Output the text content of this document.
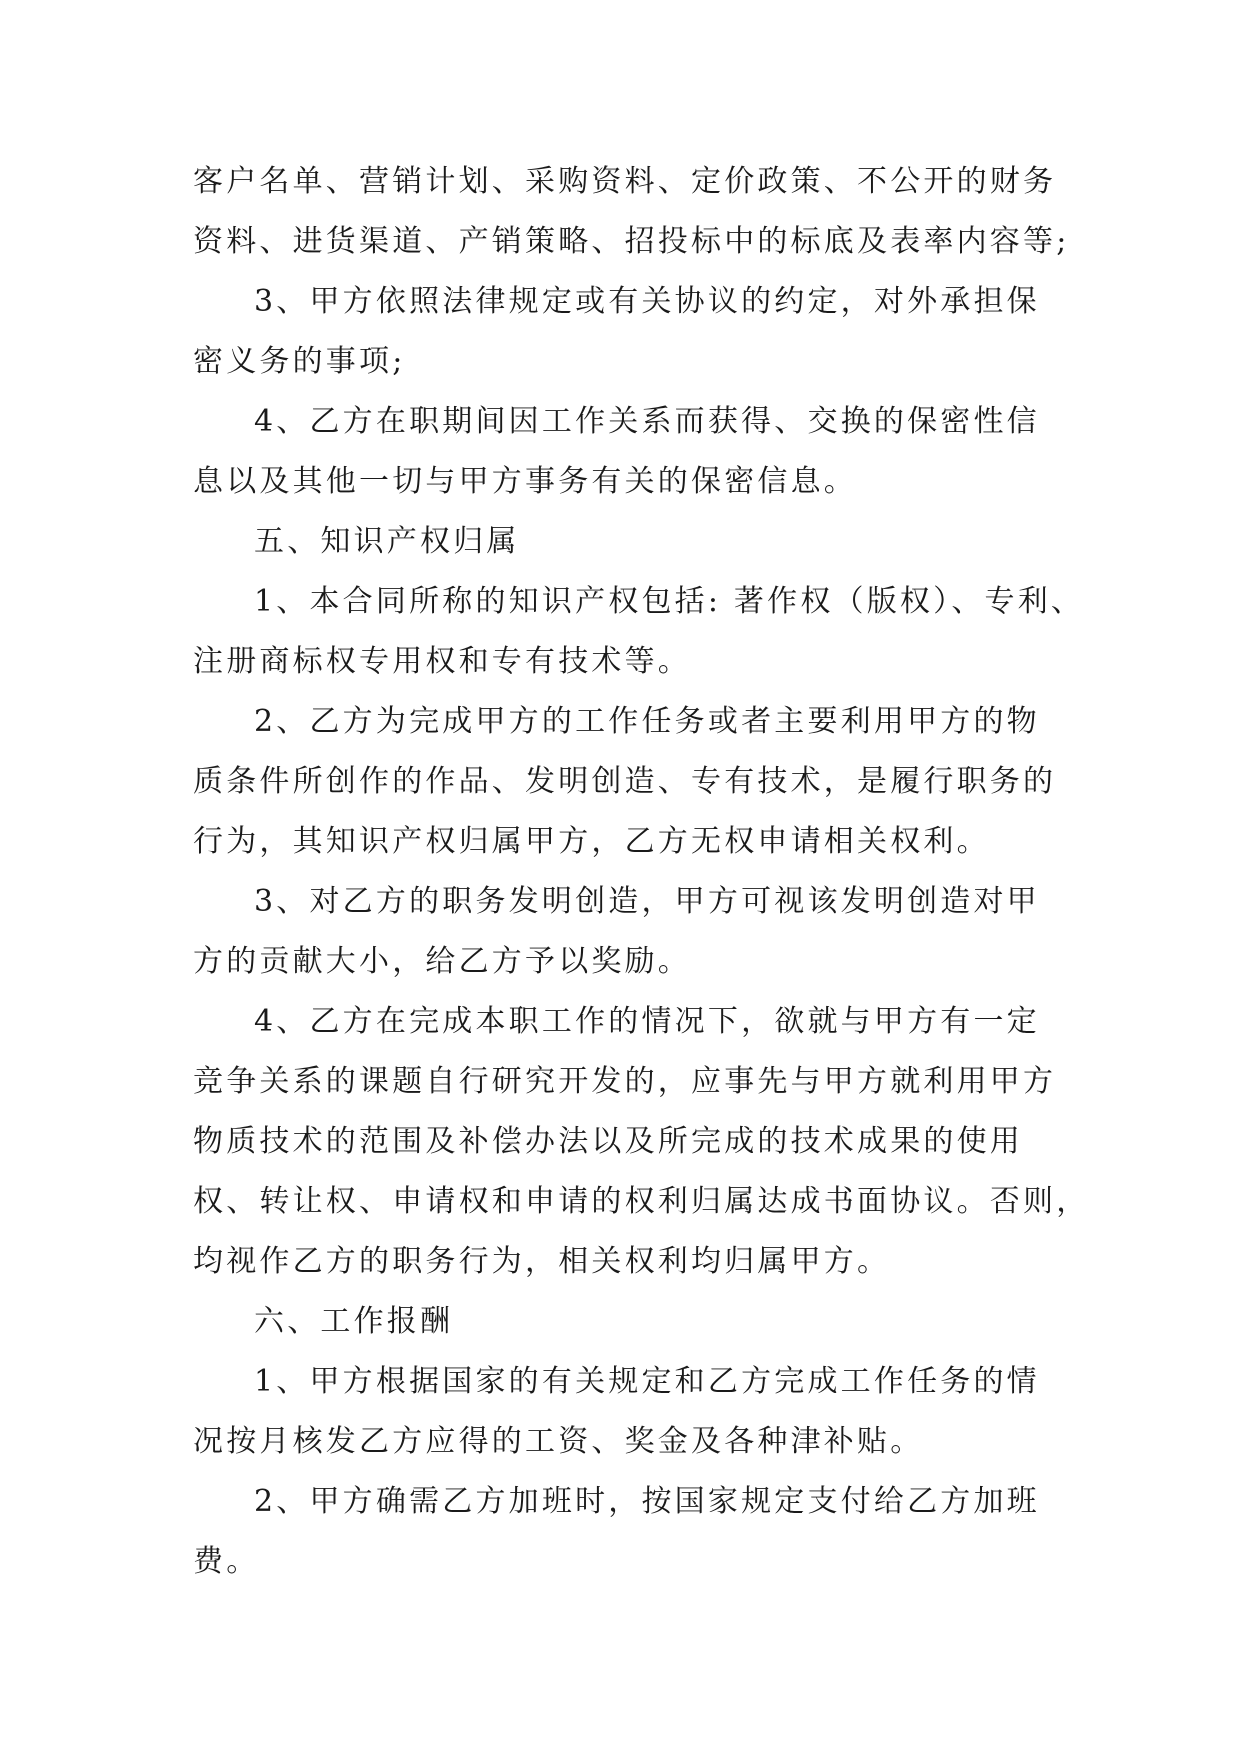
客户名单、营销计划、采购资料、定价政策、不公开的财务
资料、进货渠道、产销策略、招投标中的标底及表率内容等;
3、甲方依照法律规定或有关协议的约定，对外承担保
密义务的事项;
4、乙方在职期间因工作关系而获得、交换的保密性信
息以及其他一切与甲方事务有关的保密信息。
五、知识产权归属
1、本合同所称的知识产权包括: 著作权（版权）、专利、
注册商标权专用权和专有技术等。
2、乙方为完成甲方的工作任务或者主要利用甲方的物
质条件所创作的作品、发明创造、专有技术，是履行职务的
行为，其知识产权归属甲方，乙方无权申请相关权利。
3、对乙方的职务发明创造，甲方可视该发明创造对甲
方的贡献大小，给乙方予以奖励。
4、乙方在完成本职工作的情况下，欲就与甲方有一定
竞争关系的课题自行研究开发的，应事先与甲方就利用甲方
物质技术的范围及补偿办法以及所完成的技术成果的使用
权、转让权、申请权和申请的权利归属达成书面协议。否则，
均视作乙方的职务行为，相关权利均归属甲方。
六、工作报酬
1、甲方根据国家的有关规定和乙方完成工作任务的情
况按月核发乙方应得的工资、奖金及各种津补贴。
2、甲方确需乙方加班时，按国家规定支付给乙方加班
费。
